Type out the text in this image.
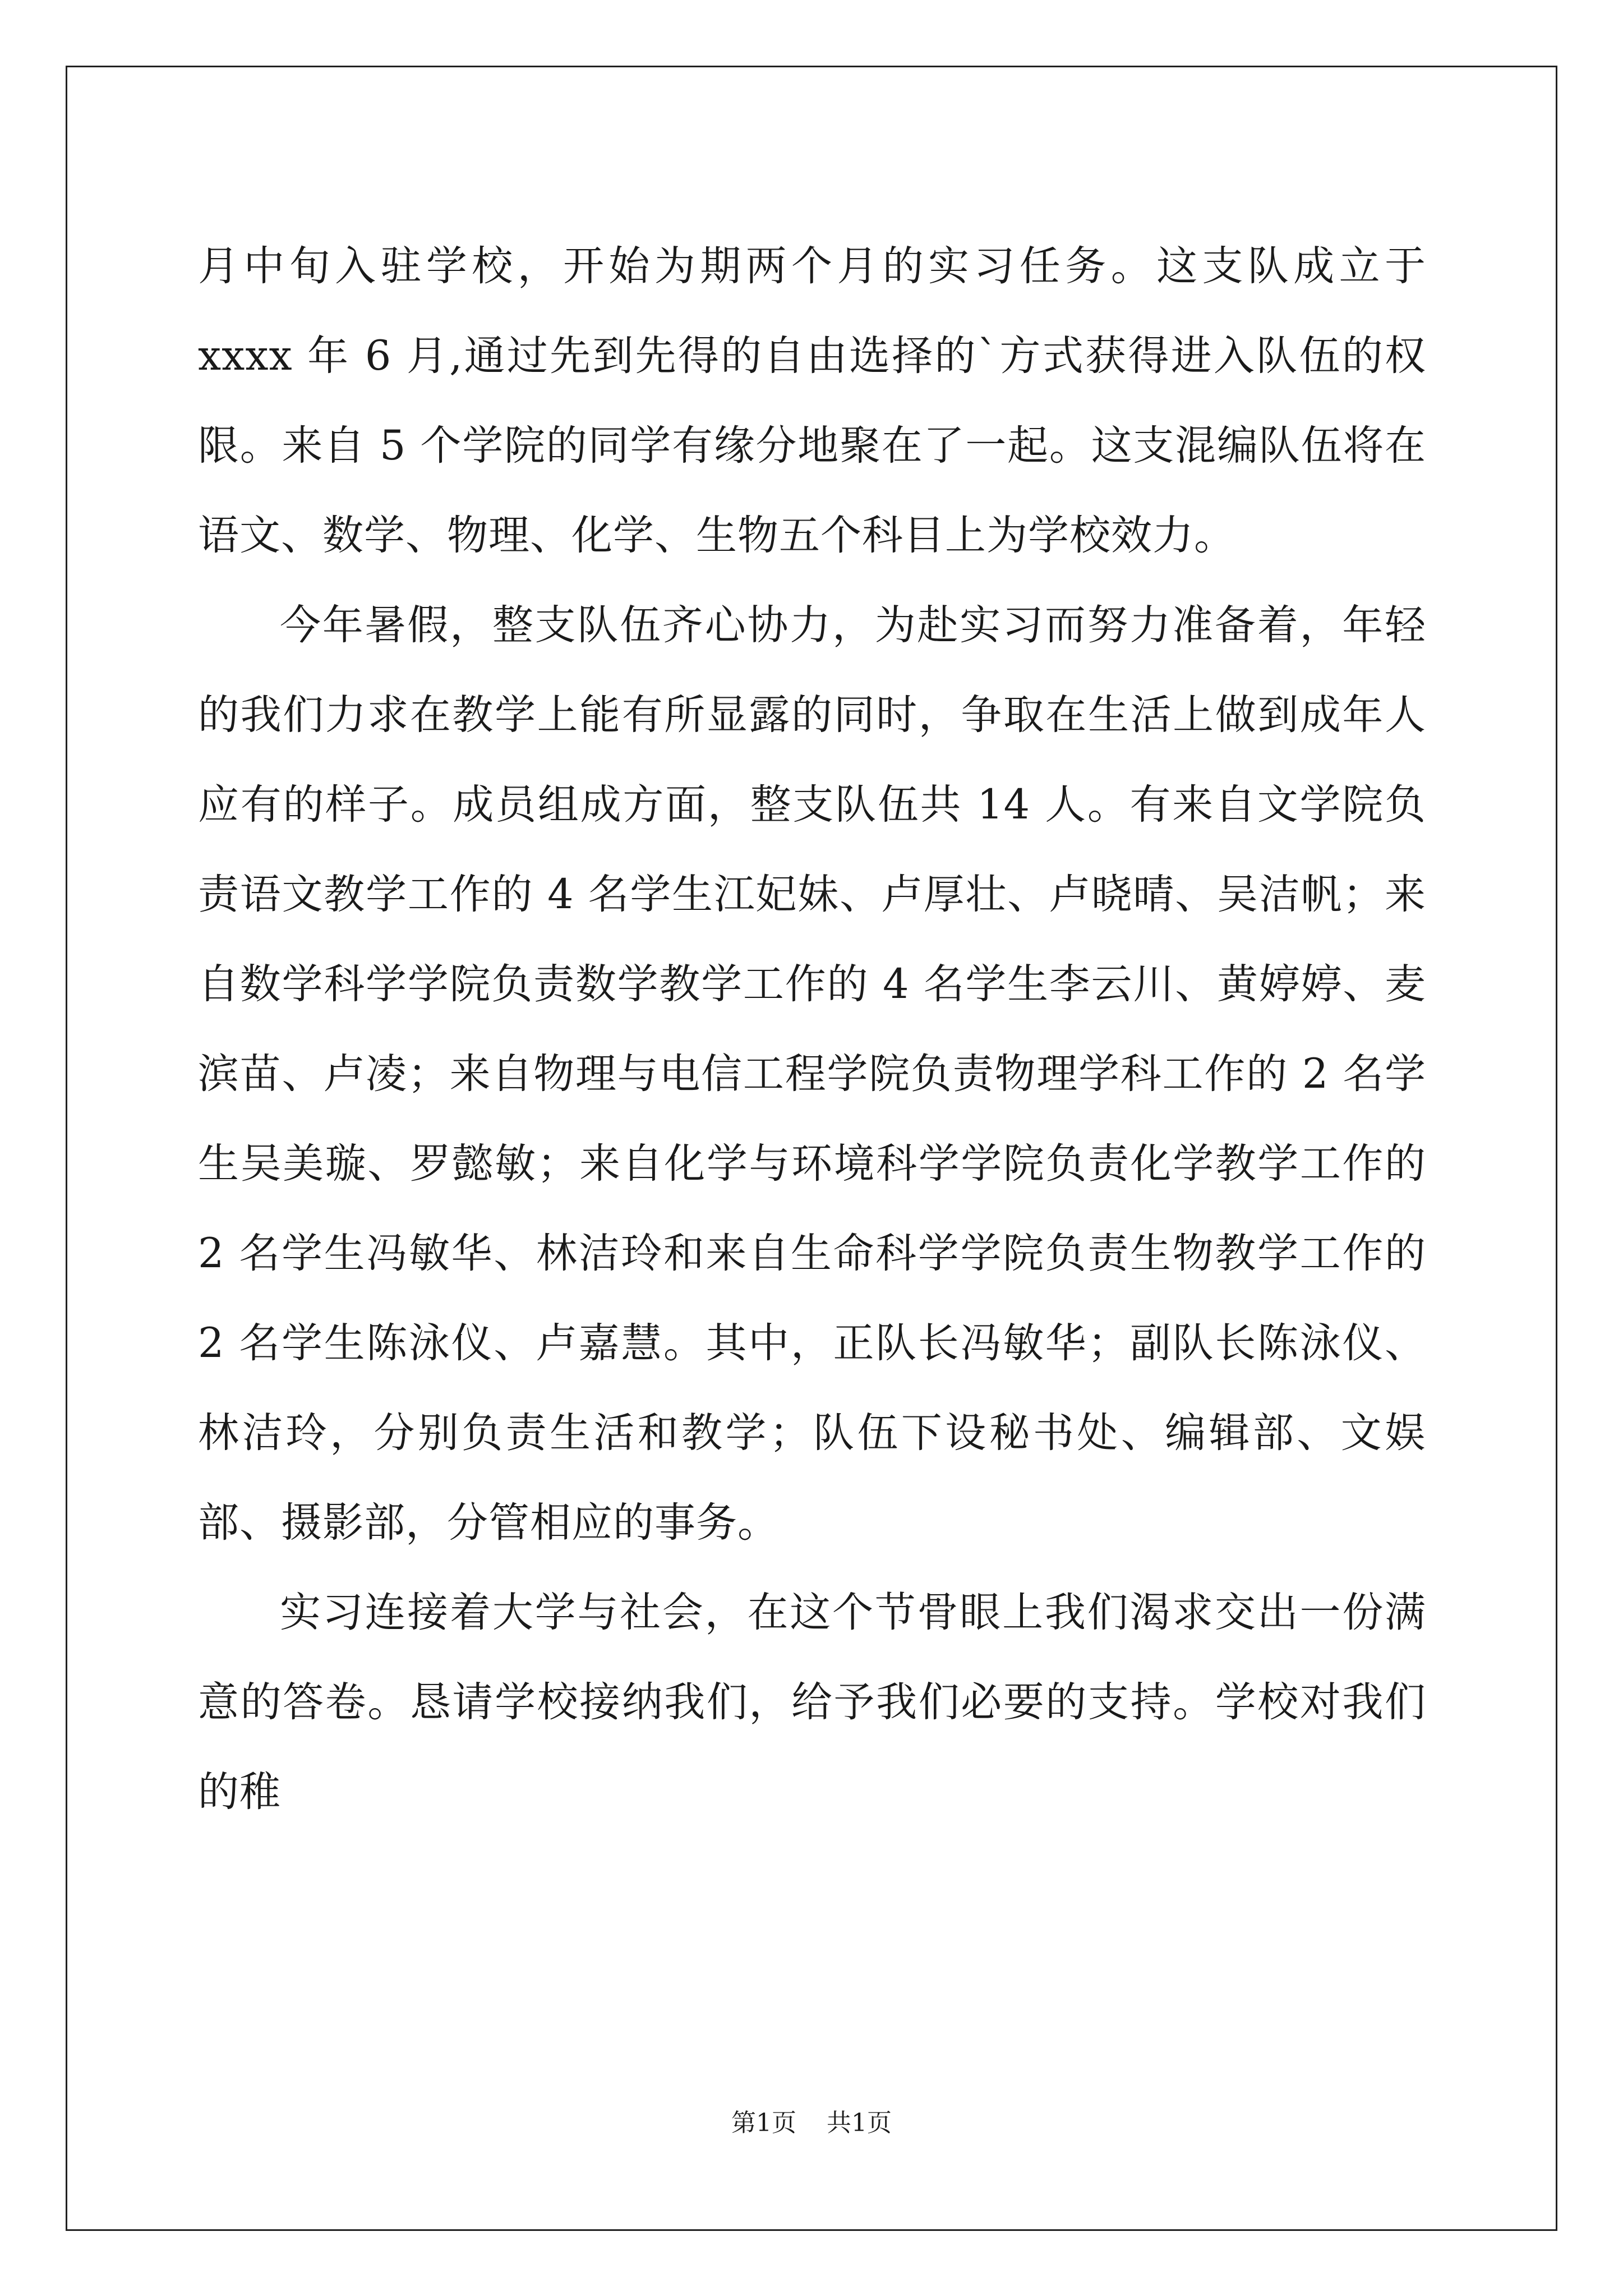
月中旬入驻学校，开始为期两个月的实习任务。这支队成立于 xxxx 年 6 月,通过先到先得的自由选择的`方式获得进入队伍的权限。来自 5 个学院的同学有缘分地聚在了一起。这支混编队伍将在语文、数学、物理、化学、生物五个科目上为学校效力。

今年暑假，整支队伍齐心协力，为赴实习而努力准备着，年轻的我们力求在教学上能有所显露的同时，争取在生活上做到成年人应有的样子。成员组成方面，整支队伍共 14 人。有来自文学院负责语文教学工作的 4 名学生江妃妹、卢厚壮、卢晓晴、吴洁帆；来自数学科学学院负责数学教学工作的 4 名学生李云川、黄婷婷、麦滨苗、卢凌；来自物理与电信工程学院负责物理学科工作的 2 名学生吴美璇、罗懿敏；来自化学与环境科学学院负责化学教学工作的 2 名学生冯敏华、林洁玲和来自生命科学学院负责生物教学工作的 2 名学生陈泳仪、卢嘉慧。其中，正队长冯敏华；副队长陈泳仪、林洁玲，分别负责生活和教学；队伍下设秘书处、编辑部、文娱部、摄影部，分管相应的事务。

实习连接着大学与社会，在这个节骨眼上我们渴求交出一份满意的答卷。恳请学校接纳我们，给予我们必要的支持。学校对我们的稚

第1页 共1页
